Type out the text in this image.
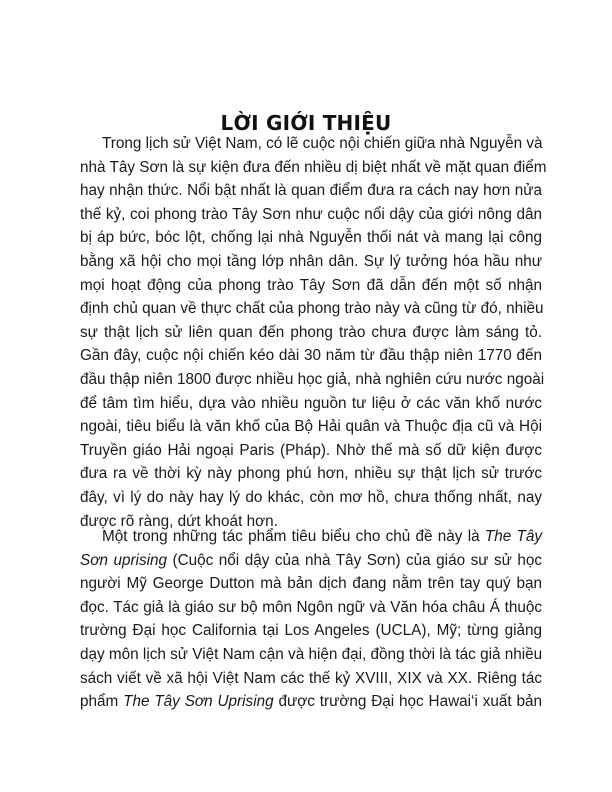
LỜI GIỚI THIỆU
Trong lịch sử Việt Nam, có lẽ cuộc nội chiến giữa nhà Nguyễn và
nhà Tây Sơn là sự kiện đưa đến nhiều dị biệt nhất về mặt quan điểm
hay nhận thức. Nổi bật nhất là quan điểm đưa ra cách nay hơn nửa
thế kỷ, coi phong trào Tây Sơn như cuộc nổi dậy của giới nông dân
bị áp bức, bóc lột, chống lại nhà Nguyễn thối nát và mang lại công
bằng xã hội cho mọi tầng lớp nhân dân. Sự lý tưởng hóa hầu như
mọi hoạt động của phong trào Tây Sơn đã dẫn đến một số nhận
định chủ quan về thực chất của phong trào này và cũng từ đó, nhiều
sự thật lịch sử liên quan đến phong trào chưa được làm sáng tỏ.
Gần đây, cuộc nội chiến kéo dài 30 năm từ đầu thập niên 1770 đến
đầu thập niên 1800 được nhiều học giả, nhà nghiên cứu nước ngoài
để tâm tìm hiểu, dựa vào nhiều nguồn tư liệu ở các văn khố nước
ngoài, tiêu biểu là văn khố của Bộ Hải quân và Thuộc địa cũ và Hội
Truyền giáo Hải ngoại Paris (Pháp). Nhờ thế mà số dữ kiện được
đưa ra về thời kỳ này phong phú hơn, nhiều sự thật lịch sử trước
đây, vì lý do này hay lý do khác, còn mơ hồ, chưa thống nhất, nay
được rõ ràng, dứt khoát hơn.
Một trong những tác phẩm tiêu biểu cho chủ đề này là The Tây
Sơn uprising (Cuộc nổi dậy của nhà Tây Sơn) của giáo sư sử học
người Mỹ George Dutton mà bản dịch đang nằm trên tay quý bạn
đọc. Tác giả là giáo sư bộ môn Ngôn ngữ và Văn hóa châu Á thuộc
trường Đại học California tại Los Angeles (UCLA), Mỹ; từng giảng
dạy môn lịch sử Việt Nam cận và hiện đại, đồng thời là tác giả nhiều
sách viết về xã hội Việt Nam các thế kỷ XVIII, XIX và XX. Riêng tác
phẩm The Tây Sơn Uprising được trường Đại học Hawai‘i xuất bản
